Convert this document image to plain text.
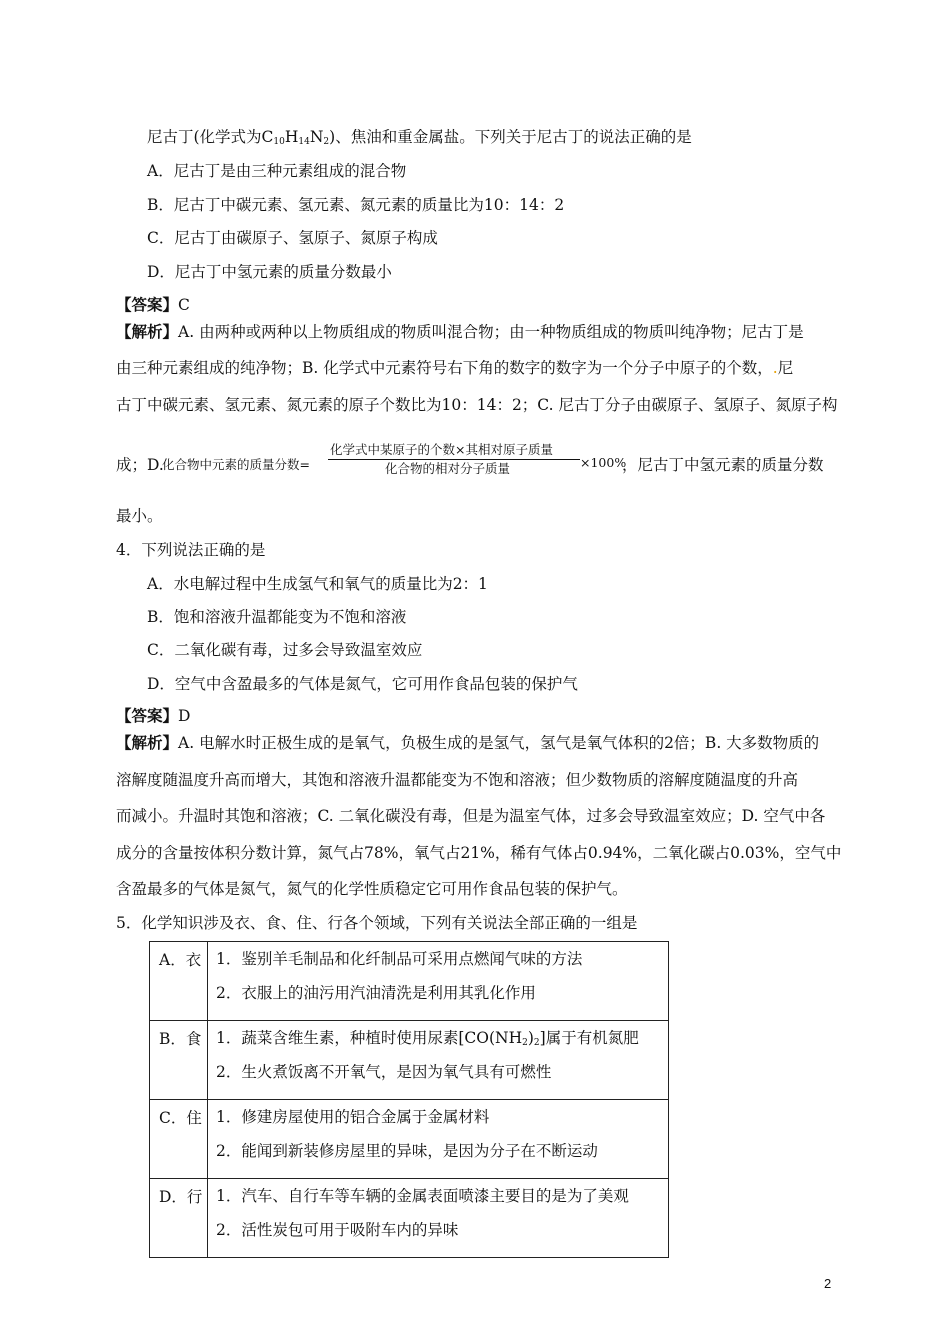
尼古丁(化学式为$C_{10}H_{14}N_2$)、焦油和重金属盐。下列关于尼古丁的说法正确的是
A．尼古丁是由三种元素组成的混合物
B．尼古丁中碳元素、氢元素、氮元素的质量比为10：14：2
C．尼古丁由碳原子、氢原子、氮原子构成
D．尼古丁中氢元素的质量分数最小
【答案】C
【解析】A. 由两种或两种以上物质组成的物质叫混合物；由一种物质组成的物质叫纯净物；尼古丁是
由三种元素组成的纯净物；B. 化学式中元素符号右下角的数字的数字为一个分子中原子的个数，.尼
古丁中碳元素、氢元素、氮元素的原子个数比为10：14：2；C. 尼古丁分子由碳原子、氢原子、氮原子构
成；D.
化合物中元素的质量分数=
化学式中某原子的个数×其相对原子质量
化合物的相对分子质量	×100%
，尼古丁中氢元素的质量分数
最小。
4．下列说法正确的是
A．水电解过程中生成氢气和氧气的质量比为2：1
B．饱和溶液升温都能变为不饱和溶液
C．二氧化碳有毒，过多会导致温室效应
D．空气中含盈最多的气体是氮气，它可用作食品包装的保护气
【答案】D
【解析】A. 电解水时正极生成的是氧气，负极生成的是氢气，氢气是氧气体积的2倍；B. 大多数物质的
溶解度随温度升高而增大，其饱和溶液升温都能变为不饱和溶液；但少数物质的溶解度随温度的升高
而减小。升温时其饱和溶液；C. 二氧化碳没有毒，但是为温室气体，过多会导致温室效应；D. 空气中各
成分的含量按体积分数计算，氮气占78%，氧气占21%，稀有气体占0.94%，二氧化碳占0.03%，空气中
含盈最多的气体是氮气，氮气的化学性质稳定它可用作食品包装的保护气。
5．化学知识涉及衣、食、住、行各个领域，下列有关说法全部正确的一组是
A．衣	1．鉴别羊毛制品和化纤制品可采用点燃闻气味的方法
2．衣服上的油污用汽油清洗是利用其乳化作用

B．食	1．蔬菜含维生素，种植时使用尿素$[CO(NH_2)_2]$属于有机氮肥
2．生火煮饭离不开氧气，是因为氧气具有可燃性

C．住	1．修建房屋使用的铝合金属于金属材料
2．能闻到新装修房屋里的异味，是因为分子在不断运动

D．行	1．汽车、自行车等车辆的金属表面喷漆主要目的是为了美观
2．活性炭包可用于吸附车内的异味
2
